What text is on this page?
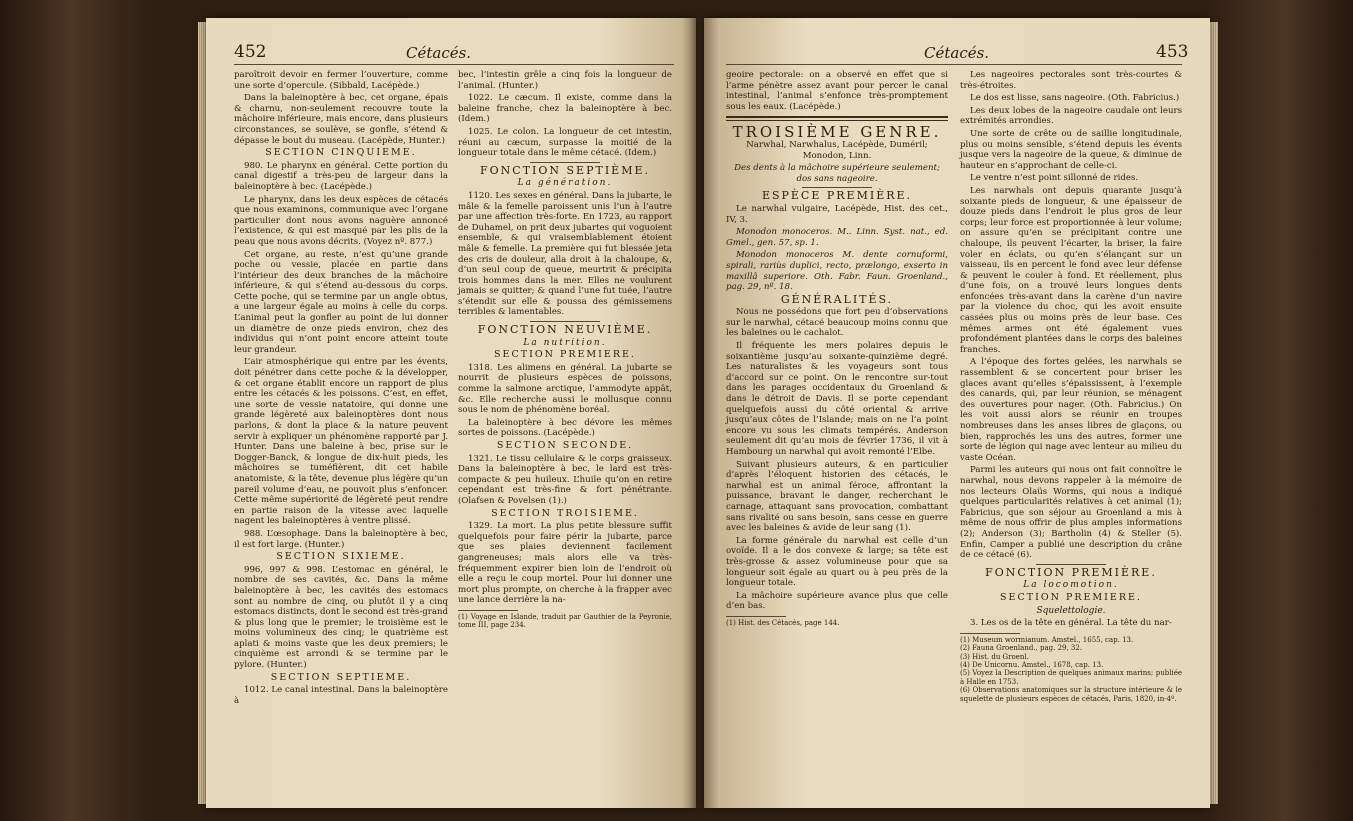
452	Cétacés.

paroîtroit devoir en fermer l’ouverture, comme une sorte d’opercule. (Sibbald, Lacépède.)

Dans la baleinoptère à bec, cet organe, épais & charnu, non-seulement recouvre toute la mâchoire inférieure, mais encore, dans plusieurs circonstances, se soulève, se gonfle, s’étend & dépasse le bout du museau. (Lacépède, Hunter.)

SECTION CINQUIEME.

980. Le pharynx en général. Cette portion du canal digestif a très-peu de largeur dans la baleinoptère à bec. (Lacépède.)

Le pharynx, dans les deux espèces de cétacés que nous examinons, communique avec l’organe particulier dont nous avons naguère annoncé l’existence, & qui est masqué par les plis de la peau que nous avons décrits. (Voyez nº. 877.)

Cet organe, au reste, n’est qu’une grande poche ou vessie, placée en partie dans l’intérieur des deux branches de la mâchoire inférieure, & qui s’étend au-dessous du corps. Cette poche, qui se termine par un angle obtus, a une largeur égale au moins à celle du corps. L’animal peut la gonfler au point de lui donner un diamètre de onze pieds environ, chez des individus qui n’ont point encore atteint toute leur grandeur.

L’air atmosphérique qui entre par les évents, doit pénétrer dans cette poche & la développer, & cet organe établit encore un rapport de plus entre les cétacés & les poissons. C’est, en effet, une sorte de vessie natatoire, qui donne une grande légèreté aux baleinoptères dont nous parlons, & dont la place & la nature peuvent servir à expliquer un phénomène rapporté par J. Hunter. Dans une baleine à bec, prise sur le Dogger-Banck, & longue de dix-huit pieds, les mâchoires se tuméfièrent, dit cet habile anatomiste, & la tête, devenue plus légère qu’un pareil volume d’eau, ne pouvoit plus s’enfoncer. Cette même supériorité de légèreté peut rendre en partie raison de la vitesse avec laquelle nagent les baleinoptères à ventre plissé.

988. L’œsophage. Dans la baleinoptère à bec, il est fort large. (Hunter.)

SECTION SIXIEME.

996, 997 & 998. L’estomac en général, le nombre de ses cavités, &c. Dans la même baleinoptère à bec, les cavités des estomacs sont au nombre de cinq, ou plutôt il y a cinq estomacs distincts, dont le second est très-grand & plus long que le premier; le troisième est le moins volumineux des cinq; le quatrième est aplati & moins vaste que les deux premiers; le cinquième est arrondi & se termine par le pylore. (Hunter.)

SECTION SEPTIEME.

1012. Le canal intestinal. Dans la baleinoptère à

bec, l’intestin grêle a cinq fois la longueur de l’animal. (Hunter.)

1022. Le cæcum. Il existe, comme dans la baleine franche, chez la baleinoptère à bec. (Idem.)

1025. Le colon. La longueur de cet intestin, réuni au cæcum, surpasse la moitié de la longueur totale dans le même cétacé. (Idem.)

FONCTION SEPTIÈME.

La génération.

1120. Les sexes en général. Dans la jubarte, le mâle & la femelle paroissent unis l’un à l’autre par une affection très-forte. En 1723, au rapport de Duhamel, on prit deux jubartes qui voguoient ensemble, & qui vraisemblablement étoient mâle & femelle. La première qui fut blessée jeta des cris de douleur, alla droit à la chaloupe, &, d’un seul coup de queue, meurtrit & précipita trois hommes dans la mer. Elles ne voulurent jamais se quitter; & quand l’une fut tuée, l’autre s’étendit sur elle & poussa des gémissemens terribles & lamentables.

FONCTION NEUVIÈME.

La nutrition.

SECTION PREMIERE.

1318. Les alimens en général. La jubarte se nourrit de plusieurs espèces de poissons, comme la salmone arctique, l’ammodyte appât, &c. Elle recherche aussi le mollusque connu sous le nom de phénomène boréal.

La baleinoptère à bec dévore les mêmes sortes de poissons. (Lacépède.)

SECTION SECONDE.

1321. Le tissu cellulaire & le corps graisseux. Dans la baleinoptère à bec, le lard est très-compacte & peu huileux. L’huile qu’on en retire cependant est très-fine & fort pénétrante. (Olafsen & Povelsen (1).)

SECTION TROISIEME.

1329. La mort. La plus petite blessure suffit quelquefois pour faire périr la jubarte, parce que ses plaies deviennent facilement gangreneuses; mais alors elle va très-fréquemment expirer bien loin de l’endroit où elle a reçu le coup mortel. Pour lui donner une mort plus prompte, on cherche à la frapper avec une lance derrière la na-

(1) Voyage en Islande, traduit par Gauthier de la Peyronie, tome III, page 234.

Cétacés.	453

geoire pectorale: on a observé en effet que si l’arme pénètre assez avant pour percer le canal intestinal, l’animal s’enfonce très-promptement sous les eaux. (Lacépède.)

TROISIÈME GENRE.

Narwhal, Narwhalus, Lacépède, Duméril; Monodon, Linn.

Des dents à la mâchoire supérieure seulement; dos sans nageoire.

ESPÈCE PREMIÈRE.

Le narwhal vulgaire, Lacépède, Hist. des cet., IV, 3.

Monodon monoceros. M.. Linn. Syst. nat., ed. Gmel., gen. 57, sp. 1.

Monodon monoceros M. dente cornuformi, spirali, rariùs duplici, recto, prælongo, exserto in maxillâ superiore. Oth. Fabr. Faun. Groenland., pag. 29, nº. 18.

GÉNÉRALITÉS.

Nous ne possédons que fort peu d’observations sur le narwhal, cétacé beaucoup moins connu que les baleines ou le cachalot.

Il fréquente les mers polaires depuis le soixantième jusqu’au soixante-quinzième degré. Les naturalistes & les voyageurs sont tous d’accord sur ce point. On le rencontre sur-tout dans les parages occidentaux du Groenland & dans le détroit de Davis. Il se porte cependant quelquefois aussi du côté oriental & arrive jusqu’aux côtes de l’Islande; mais on ne l’a point encore vu sous les climats tempérés. Anderson seulement dit qu’au mois de février 1736, il vit à Hambourg un narwhal qui avoit remonté l’Elbe.

Suivant plusieurs auteurs, & en particulier d’après l’éloquent historien des cétacés, le narwhal est un animal féroce, affrontant la puissance, bravant le danger, recherchant le carnage, attaquant sans provocation, combattant sans rivalité ou sans besoin, sans cesse en guerre avec les baleines & avide de leur sang (1).

La forme générale du narwhal est celle d’un ovoïde. Il a le dos convexe & large; sa tête est très-grosse & assez volumineuse pour que sa longueur soit égale au quart ou à peu près de la longueur totale.

La mâchoire supérieure avance plus que celle d’en bas.

(1) Hist. des Cétacés, page 144.

Les nageoires pectorales sont très-courtes & très-étroites.

Le dos est lisse, sans nageoire. (Oth. Fabricius.)

Les deux lobes de la nageoire caudale ont leurs extrémités arrondies.

Une sorte de crête ou de saillie longitudinale, plus ou moins sensible, s’étend depuis les évents jusque vers la nageoire de la queue, & diminue de hauteur en s’approchant de celle-ci.

Le ventre n’est point sillonné de rides.

Les narwhals ont depuis quarante jusqu’à soixante pieds de longueur, & une épaisseur de douze pieds dans l’endroit le plus gros de leur corps; leur force est proportionnée à leur volume; on assure qu’en se précipitant contre une chaloupe, ils peuvent l’écarter, la briser, la faire voler en éclats, ou qu’en s’élançant sur un vaisseau, ils en percent le fond avec leur défense & peuvent le couler à fond. Et réellement, plus d’une fois, on a trouvé leurs longues dents enfoncées très-avant dans la carène d’un navire par la violence du choc, qui les avoit ensuite cassées plus ou moins près de leur base. Ces mêmes armes ont été également vues profondément plantées dans le corps des baleines franches.

A l’époque des fortes gelées, les narwhals se rassemblent & se concertent pour briser les glaces avant qu’elles s’épaississent, à l’exemple des canards, qui, par leur réunion, se ménagent des ouvertures pour nager. (Oth. Fabricius.) On les voit aussi alors se réunir en troupes nombreuses dans les anses libres de glaçons, ou bien, rapprochés les uns des autres, former une sorte de légion qui nage avec lenteur au milieu du vaste Océan.

Parmi les auteurs qui nous ont fait connoître le narwhal, nous devons rappeler à la mémoire de nos lecteurs Olaüs Worms, qui nous a indiqué quelques particularités relatives à cet animal (1); Fabricius, que son séjour au Groenland a mis à même de nous offrir de plus amples informations (2); Anderson (3); Bartholin (4) & Steller (5). Enfin, Camper a publié une description du crâne de ce cétacé (6).

FONCTION PREMIÈRE.

La locomotion.

SECTION PREMIERE.

Squelettologie.

3. Les os de la tête en général. La tête du nar-

(1) Museum wormianum. Amstel., 1655, cap. 13.

(2) Fauna Groenland., pag. 29, 32.

(3) Hist. du Groenl.

(4) De Unicornu. Amstel., 1678, cap. 13.

(5) Voyez la Description de quelques animaux marins; publiée à Halle en 1753.

(6) Observations anatomiques sur la structure intérieure & le squelette de plusieurs espèces de cétacés, Paris, 1820, in-4º.
